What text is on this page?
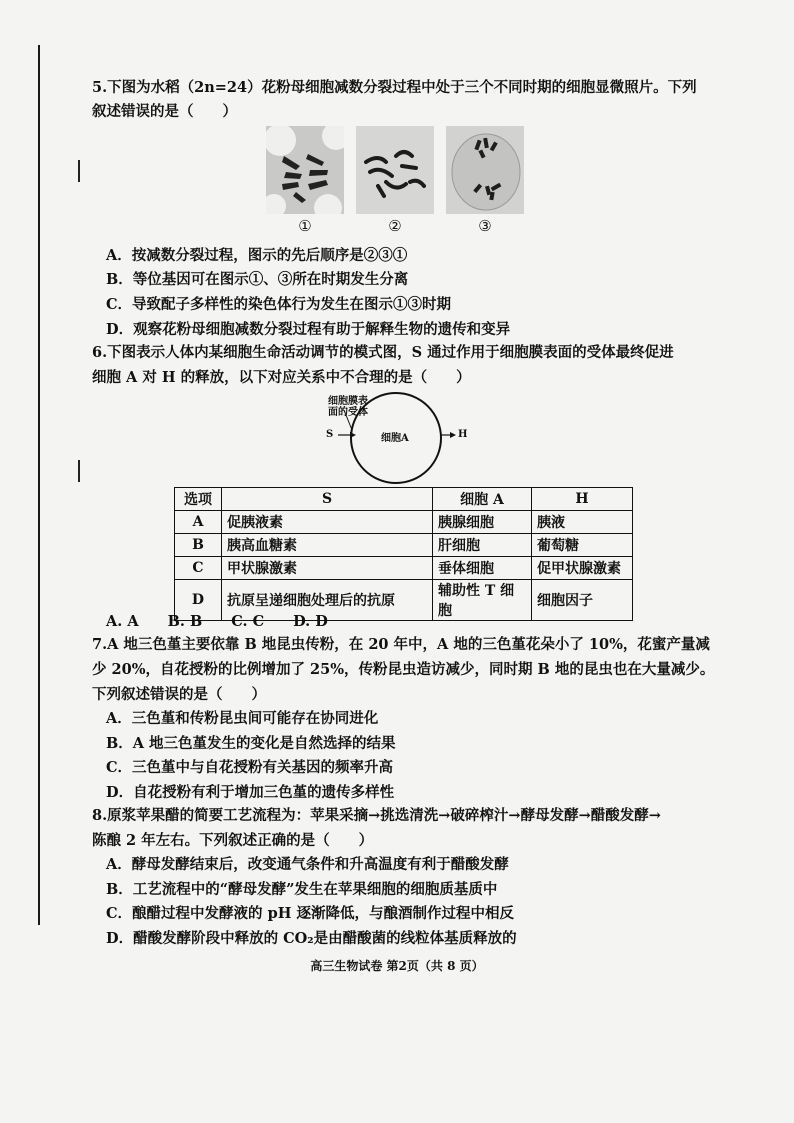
5.下图为水稻（2n=24）花粉母细胞减数分裂过程中处于三个不同时期的细胞显微照片。下列
叙述错误的是（　　）
①	②	③
A．按减数分裂过程，图示的先后顺序是②③①
B．等位基因可在图示①、③所在时期发生分离
C．导致配子多样性的染色体行为发生在图示①③时期
D．观察花粉母细胞减数分裂过程有助于解释生物的遗传和变异
6.下图表示人体内某细胞生命活动调节的模式图，S 通过作用于细胞膜表面的受体最终促进
细胞 A 对 H 的释放，以下对应关系中不合理的是（　　）
细胞膜表
面的受体
S	细胞A	H
选项	S	细胞 A	H
A	促胰液素	胰腺细胞	胰液
B	胰高血糖素	肝细胞	葡萄糖
C	甲状腺激素	垂体细胞	促甲状腺激素
D	抗原呈递细胞处理后的抗原	辅助性 T 细胞	细胞因子
A. A　　B. B　　C. C　　D. D
7.A 地三色堇主要依靠 B 地昆虫传粉，在 20 年中，A 地的三色堇花朵小了 10%，花蜜产量减
少 20%，自花授粉的比例增加了 25%，传粉昆虫造访减少，同时期 B 地的昆虫也在大量减少。
下列叙述错误的是（　　）
A．三色堇和传粉昆虫间可能存在协同进化
B．A 地三色堇发生的变化是自然选择的结果
C．三色堇中与自花授粉有关基因的频率升高
D．自花授粉有利于增加三色堇的遗传多样性
8.原浆苹果醋的简要工艺流程为：苹果采摘→挑选清洗→破碎榨汁→酵母发酵→醋酸发酵→
陈酿 2 年左右。下列叙述正确的是（　　）
A．酵母发酵结束后，改变通气条件和升高温度有利于醋酸发酵
B．工艺流程中的“酵母发酵”发生在苹果细胞的细胞质基质中
C．酿醋过程中发酵液的 pH 逐渐降低，与酿酒制作过程中相反
D．醋酸发酵阶段中释放的 CO₂是由醋酸菌的线粒体基质释放的
高三生物试卷 第2页（共 8 页）
